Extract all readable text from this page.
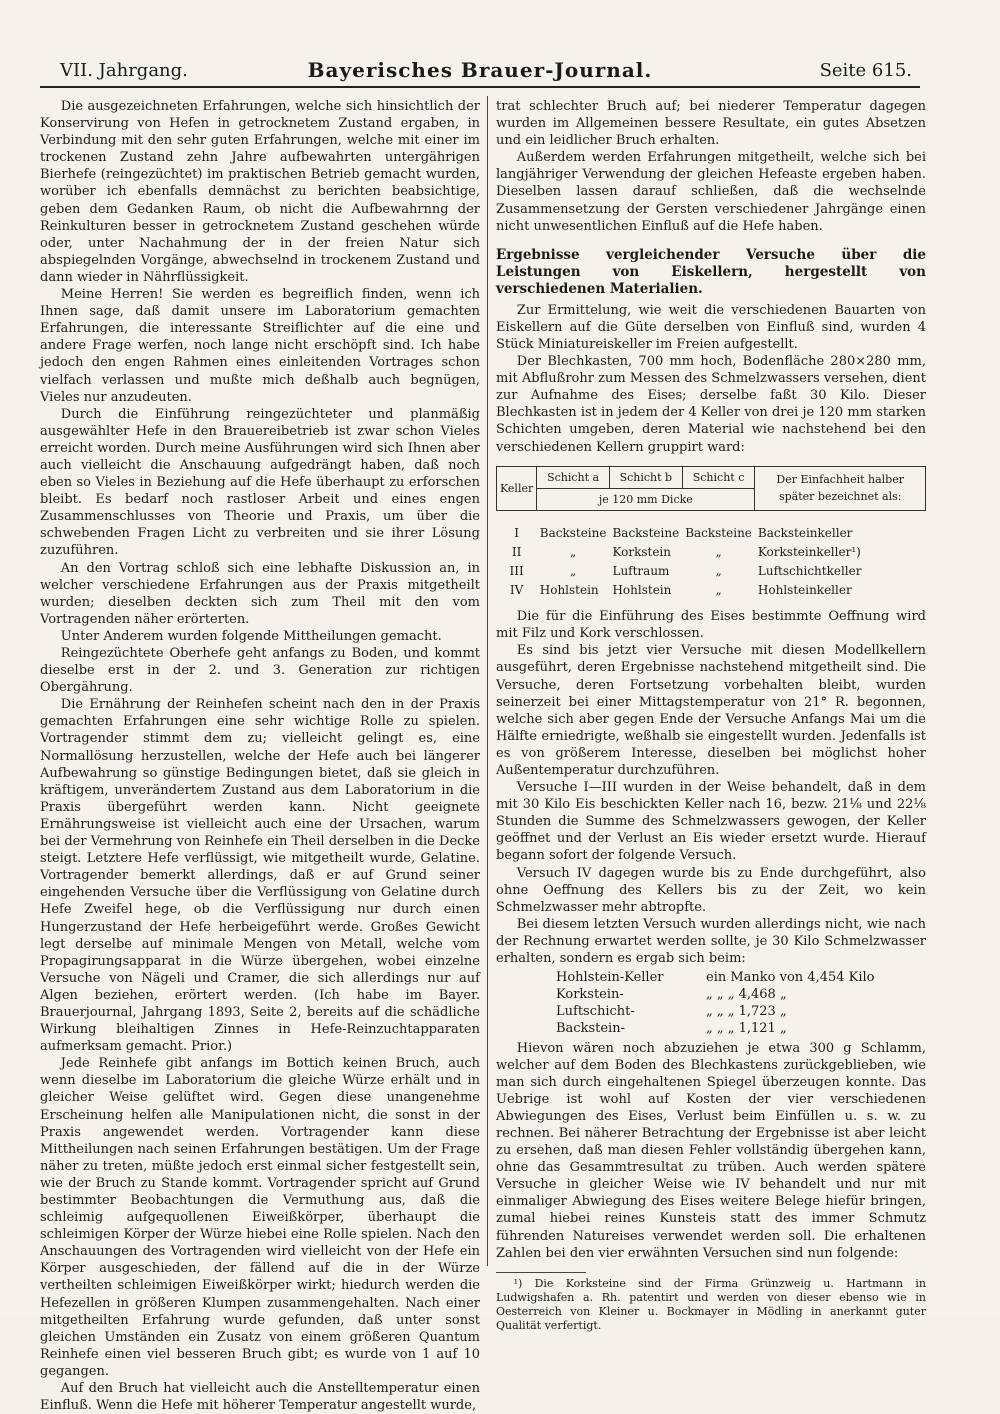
VII. Jahrgang.	Bayerisches Brauer-Journal.	Seite 615.

Die ausgezeichneten Erfahrungen, welche sich hinsichtlich der Konservirung von Hefen in getrocknetem Zustand ergaben, in Verbindung mit den sehr guten Erfahrungen, welche mit einer im trockenen Zustand zehn Jahre aufbewahrten untergährigen Bierhefe (reingezüchtet) im praktischen Betrieb gemacht wurden, worüber ich ebenfalls demnächst zu berichten beabsichtige, geben dem Gedanken Raum, ob nicht die Aufbewahrnng der Reinkulturen besser in getrocknetem Zustand geschehen würde oder, unter Nachahmung der in der freien Natur sich abspiegelnden Vorgänge, abwechselnd in trockenem Zustand und dann wieder in Nährflüssigkeit.

Meine Herren! Sie werden es begreiflich finden, wenn ich Ihnen sage, daß damit unsere im Laboratorium gemachten Erfahrungen, die interessante Streiflichter auf die eine und andere Frage werfen, noch lange nicht erschöpft sind. Ich habe jedoch den engen Rahmen eines einleitenden Vortrages schon vielfach verlassen und mußte mich deßhalb auch begnügen, Vieles nur anzudeuten.

Durch die Einführung reingezüchteter und planmäßig ausgewählter Hefe in den Brauereibetrieb ist zwar schon Vieles erreicht worden. Durch meine Ausführungen wird sich Ihnen aber auch vielleicht die Anschauung aufgedrängt haben, daß noch eben so Vieles in Beziehung auf die Hefe überhaupt zu erforschen bleibt. Es bedarf noch rastloser Arbeit und eines engen Zusammenschlusses von Theorie und Praxis, um über die schwebenden Fragen Licht zu verbreiten und sie ihrer Lösung zuzuführen.

An den Vortrag schloß sich eine lebhafte Diskussion an, in welcher verschiedene Erfahrungen aus der Praxis mitgetheilt wurden; dieselben deckten sich zum Theil mit den vom Vortragenden näher erörterten.

Unter Anderem wurden folgende Mittheilungen gemacht.

Reingezüchtete Oberhefe geht anfangs zu Boden, und kommt dieselbe erst in der 2. und 3. Generation zur richtigen Obergährung.

Die Ernährung der Reinhefen scheint nach den in der Praxis gemachten Erfahrungen eine sehr wichtige Rolle zu spielen. Vortragender stimmt dem zu; vielleicht gelingt es, eine Normallösung herzustellen, welche der Hefe auch bei längerer Aufbewahrung so günstige Bedingungen bietet, daß sie gleich in kräftigem, unverändertem Zustand aus dem Laboratorium in die Praxis übergeführt werden kann. Nicht geeignete Ernährungsweise ist vielleicht auch eine der Ursachen, warum bei der Vermehrung von Reinhefe ein Theil derselben in die Decke steigt. Letztere Hefe verflüssigt, wie mitgetheilt wurde, Gelatine. Vortragender bemerkt allerdings, daß er auf Grund seiner eingehenden Versuche über die Verflüssigung von Gelatine durch Hefe Zweifel hege, ob die Verflüssigung nur durch einen Hungerzustand der Hefe herbeigeführt werde. Großes Gewicht legt derselbe auf minimale Mengen von Metall, welche vom Propagirungsapparat in die Würze übergehen, wobei einzelne Versuche von Nägeli und Cramer, die sich allerdings nur auf Algen beziehen, erörtert werden. (Ich habe im Bayer. Brauerjournal, Jahrgang 1893, Seite 2, bereits auf die schädliche Wirkung bleihaltigen Zinnes in Hefe-Reinzuchtapparaten aufmerksam gemacht. Prior.)

Jede Reinhefe gibt anfangs im Bottich keinen Bruch, auch wenn dieselbe im Laboratorium die gleiche Würze erhält und in gleicher Weise gelüftet wird. Gegen diese unangenehme Erscheinung helfen alle Manipulationen nicht, die sonst in der Praxis angewendet werden. Vortragender kann diese Mittheilungen nach seinen Erfahrungen bestätigen. Um der Frage näher zu treten, müßte jedoch erst einmal sicher festgestellt sein, wie der Bruch zu Stande kommt. Vortragender spricht auf Grund bestimmter Beobachtungen die Vermuthung aus, daß die schleimig aufgequollenen Eiweißkörper, überhaupt die schleimigen Körper der Würze hiebei eine Rolle spielen. Nach den Anschauungen des Vortragenden wird vielleicht von der Hefe ein Körper ausgeschieden, der fällend auf die in der Würze vertheilten schleimigen Eiweißkörper wirkt; hiedurch werden die Hefezellen in größeren Klumpen zusammengehalten. Nach einer mitgetheilten Erfahrung wurde gefunden, daß unter sonst gleichen Umständen ein Zusatz von einem größeren Quantum Reinhefe einen viel besseren Bruch gibt; es wurde von 1 auf 10 gegangen.

Auf den Bruch hat vielleicht auch die Anstelltemperatur einen Einfluß. Wenn die Hefe mit höherer Temperatur angestellt wurde,

trat schlechter Bruch auf; bei niederer Temperatur dagegen wurden im Allgemeinen bessere Resultate, ein gutes Absetzen und ein leidlicher Bruch erhalten.

Außerdem werden Erfahrungen mitgetheilt, welche sich bei langjähriger Verwendung der gleichen Hefeaste ergeben haben. Dieselben lassen darauf schließen, daß die wechselnde Zusammensetzung der Gersten verschiedener Jahrgänge einen nicht unwesentlichen Einfluß auf die Hefe haben.

Ergebnisse vergleichender Versuche über die Leistungen von Eiskellern, hergestellt von verschiedenen Materialien.

Zur Ermittelung, wie weit die verschiedenen Bauarten von Eiskellern auf die Güte derselben von Einfluß sind, wurden 4 Stück Miniatureiskeller im Freien aufgestellt.

Der Blechkasten, 700 mm hoch, Bodenfläche 280×280 mm, mit Abflußrohr zum Messen des Schmelzwassers versehen, dient zur Aufnahme des Eises; derselbe faßt 30 Kilo. Dieser Blechkasten ist in jedem der 4 Keller von drei je 120 mm starken Schichten umgeben, deren Material wie nachstehend bei den verschiedenen Kellern gruppirt ward:

Keller	Schicht a	Schicht b	Schicht c	Der Einfachheit halber später bezeichnet als:
	je 120 mm Dicke			
I	Backsteine	Backsteine	Backsteine	Backsteinkeller
II	„	Korkstein	„	Korksteinkeller¹)
III	„	Luftraum	„	Luftschichtkeller
IV	Hohlstein	Hohlstein	„	Hohlsteinkeller

Die für die Einführung des Eises bestimmte Oeffnung wird mit Filz und Kork verschlossen.

Es sind bis jetzt vier Versuche mit diesen Modellkellern ausgeführt, deren Ergebnisse nachstehend mitgetheilt sind. Die Versuche, deren Fortsetzung vorbehalten bleibt, wurden seinerzeit bei einer Mittagstemperatur von 21° R. begonnen, welche sich aber gegen Ende der Versuche Anfangs Mai um die Hälfte erniedrigte, weßhalb sie eingestellt wurden. Jedenfalls ist es von größerem Interesse, dieselben bei möglichst hoher Außentemperatur durchzuführen.

Versuche I—III wurden in der Weise behandelt, daß in dem mit 30 Kilo Eis beschickten Keller nach 16, bezw. 21⅛ und 22⅛ Stunden die Summe des Schmelzwassers gewogen, der Keller geöffnet und der Verlust an Eis wieder ersetzt wurde. Hierauf begann sofort der folgende Versuch.

Versuch IV dagegen wurde bis zu Ende durchgeführt, also ohne Oeffnung des Kellers bis zu der Zeit, wo kein Schmelzwasser mehr abtropfte.

Bei diesem letzten Versuch wurden allerdings nicht, wie nach der Rechnung erwartet werden sollte, je 30 Kilo Schmelzwasser erhalten, sondern es ergab sich beim:

Hohlstein-Keller	ein Manko von 4,454 Kilo
Korkstein-	„ „ „ 4,468 „
Luftschicht-	„ „ „ 1,723 „
Backstein-	„ „ „ 1,121 „

Hievon wären noch abzuziehen je etwa 300 g Schlamm, welcher auf dem Boden des Blechkastens zurückgeblieben, wie man sich durch eingehaltenen Spiegel überzeugen konnte. Das Uebrige ist wohl auf Kosten der vier verschiedenen Abwiegungen des Eises, Verlust beim Einfüllen u. s. w. zu rechnen. Bei näherer Betrachtung der Ergebnisse ist aber leicht zu ersehen, daß man diesen Fehler vollständig übergehen kann, ohne das Gesammtresultat zu trüben. Auch werden spätere Versuche in gleicher Weise wie IV behandelt und nur mit einmaliger Abwiegung des Eises weitere Belege hiefür bringen, zumal hiebei reines Kunsteis statt des immer Schmutz führenden Natureises verwendet werden soll. Die erhaltenen Zahlen bei den vier erwähnten Versuchen sind nun folgende:

¹) Die Korksteine sind der Firma Grünzweig u. Hartmann in Ludwigshafen a. Rh. patentirt und werden von dieser ebenso wie in Oesterreich von Kleiner u. Bockmayer in Mödling in anerkannt guter Qualität verfertigt.
